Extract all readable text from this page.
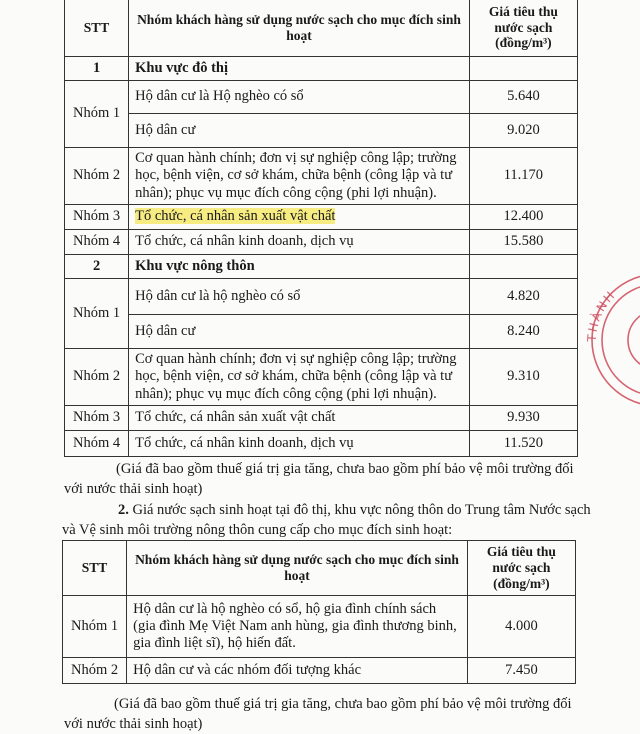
STT	Nhóm khách hàng sử dụng nước sạch cho mục đích sinh hoạt	Giá tiêu thụ nước sạch (đồng/m³)
1	Khu vực đô thị	
Nhóm 1	Hộ dân cư là Hộ nghèo có sổ	5.640
	Hộ dân cư	9.020
Nhóm 2	Cơ quan hành chính; đơn vị sự nghiệp công lập; trường học, bệnh viện, cơ sở khám, chữa bệnh (công lập và tư nhân); phục vụ mục đích công cộng (phi lợi nhuận).	11.170
Nhóm 3	Tổ chức, cá nhân sản xuất vật chất	12.400
Nhóm 4	Tổ chức, cá nhân kinh doanh, dịch vụ	15.580
2	Khu vực nông thôn	
Nhóm 1	Hộ dân cư là hộ nghèo có sổ	4.820
	Hộ dân cư	8.240
Nhóm 2	Cơ quan hành chính; đơn vị sự nghiệp công lập; trường học, bệnh viện, cơ sở khám, chữa bệnh (công lập và tư nhân); phục vụ mục đích công cộng (phi lợi nhuận).	9.310
Nhóm 3	Tổ chức, cá nhân sản xuất vật chất	9.930
Nhóm 4	Tổ chức, cá nhân kinh doanh, dịch vụ	11.520

(Giá đã bao gồm thuế giá trị gia tăng, chưa bao gồm phí bảo vệ môi trường đối với nước thải sinh hoạt)

2. Giá nước sạch sinh hoạt tại đô thị, khu vực nông thôn do Trung tâm Nước sạch và Vệ sinh môi trường nông thôn cung cấp cho mục đích sinh hoạt:

STT	Nhóm khách hàng sử dụng nước sạch cho mục đích sinh hoạt	Giá tiêu thụ nước sạch (đồng/m³)
Nhóm 1	Hộ dân cư là hộ nghèo có sổ, hộ gia đình chính sách (gia đình Mẹ Việt Nam anh hùng, gia đình thương binh, gia đình liệt sĩ), hộ hiến đất.	4.000
Nhóm 2	Hộ dân cư và các nhóm đối tượng khác	7.450

(Giá đã bao gồm thuế giá trị gia tăng, chưa bao gồm phí bảo vệ môi trường đối với nước thải sinh hoạt)

THÀNH
